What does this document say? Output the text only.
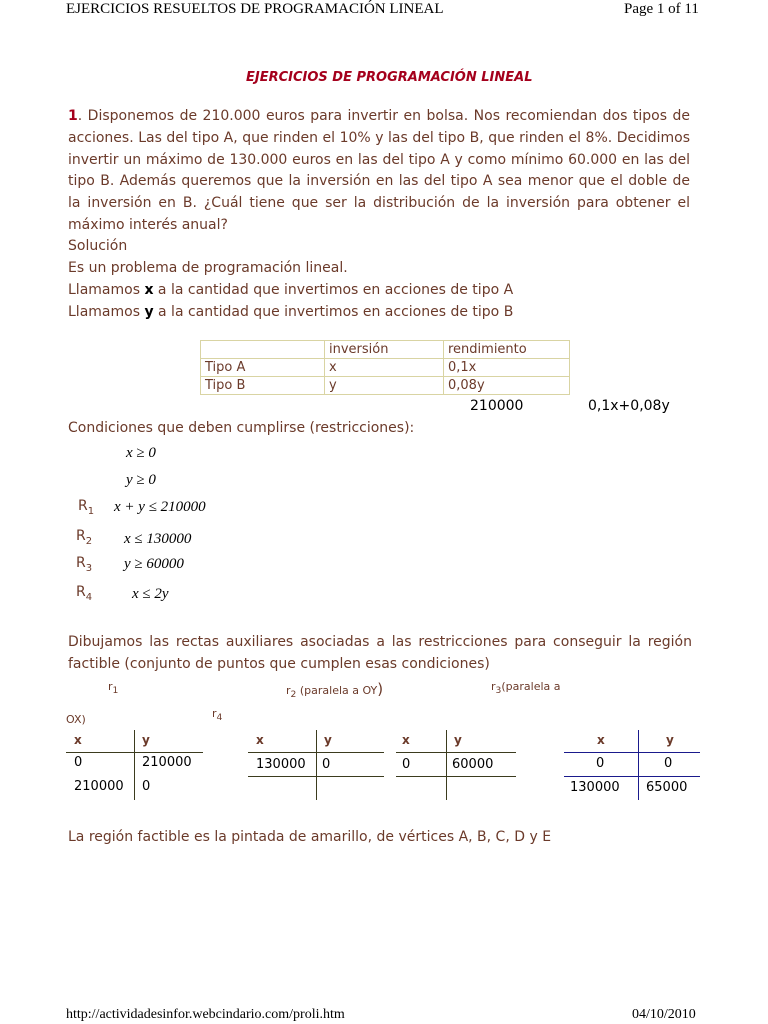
EJERCICIOS RESUELTOS DE PROGRAMACIÓN LINEAL	Page 1 of 11
http://actividadesinfor.webcindario.com/proli.htm	04/10/2010
EJERCICIOS DE PROGRAMACIÓN LINEAL
1. Disponemos de 210.000 euros para invertir en bolsa. Nos recomiendan dos tipos de acciones. Las del tipo A, que rinden el 10% y las del tipo B, que rinden el 8%. Decidimos invertir un máximo de 130.000 euros en las del tipo A y como mínimo 60.000 en las del tipo B. Además queremos que la inversión en las del tipo A sea menor que el doble de la inversión en B. ¿Cuál tiene que ser la distribución de la inversión para obtener el máximo interés anual?
Solución
Es un problema de programación lineal.
Llamamos x a la cantidad que invertimos en acciones de tipo A
Llamamos y a la cantidad que invertimos en acciones de tipo B
	inversión	rendimiento
Tipo A	x	0,1x
Tipo B	y	0,08y
210000	0,1x+0,08y
Condiciones que deben cumplirse (restricciones):
x ≥ 0
y ≥ 0
$R_1$ x + y ≤ 210000
$R_2$ x ≤ 130000
$R_3$ y ≥ 60000
$R_4$	x ≤ 2y
Dibujamos las rectas auxiliares asociadas a las restricciones para conseguir la región factible (conjunto de puntos que cumplen esas condiciones)
$r_1$	$r_2$ (paralela a OY)	$r_3(paralela$ a
OX)	$r_4$
x	y
0	210000
210000 0
x	y
130000 0
x	y
0	60000
x	y
0	0
130000 65000
La región factible es la pintada de amarillo, de vértices A, B, C, D y E
